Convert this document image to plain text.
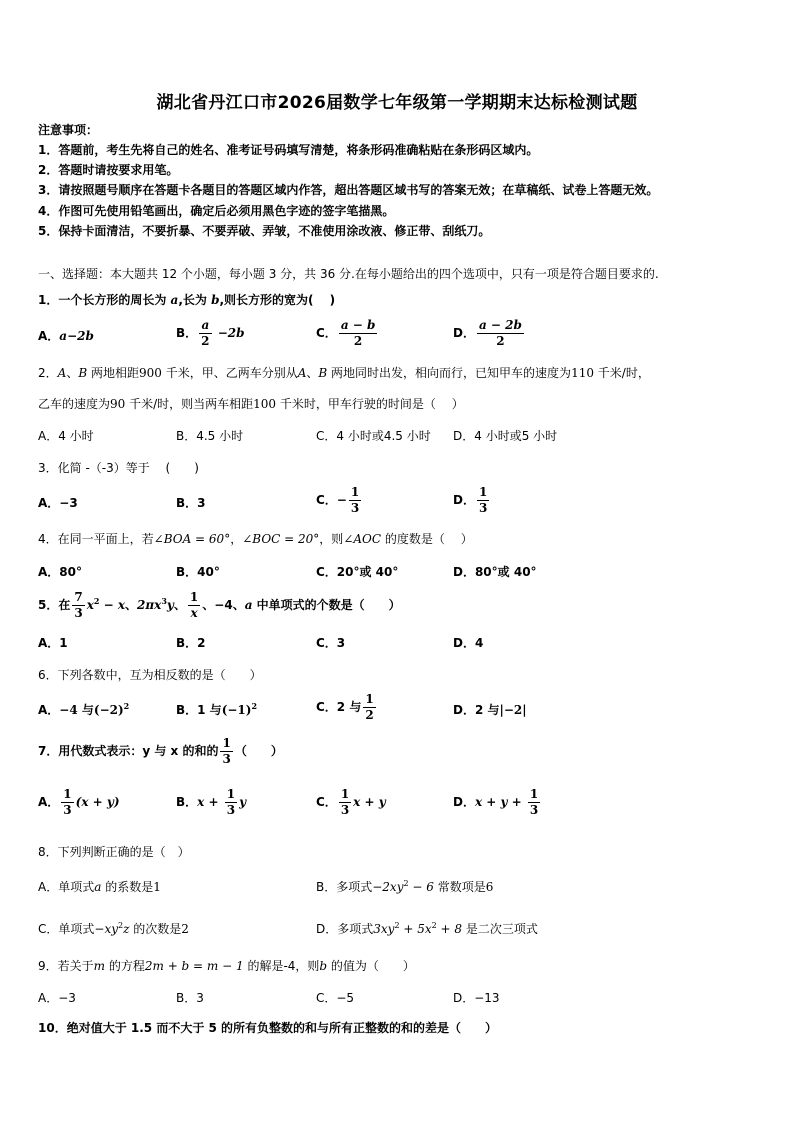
湖北省丹江口市2026届数学七年级第一学期期末达标检测试题
注意事项：
1．答题前，考生先将自己的姓名、准考证号码填写清楚，将条形码准确粘贴在条形码区域内。
2．答题时请按要求用笔。
3．请按照题号顺序在答题卡各题目的答题区域内作答，超出答题区域书写的答案无效；在草稿纸、试卷上答题无效。
4．作图可先使用铅笔画出，确定后必须用黑色字迹的签字笔描黑。
5．保持卡面清洁，不要折暴、不要弄破、弄皱，不准使用涂改液、修正带、刮纸刀。
一、选择题：本大题共 12 个小题，每小题 3 分，共 36 分.在每小题给出的四个选项中，只有一项是符合题目要求的.
1．一个长方形的周长为 a,长为 b,则长方形的宽为(　 )
A．a−2b	B． $\frac{a}{2} -2b$	C． $\frac{a - b}{2}$	D． $\frac{a - 2b}{2}$
2．A、B 两地相距900 千米，甲、乙两车分别从A、B 两地同时出发，相向而行，已知甲车的速度为110 千米/时，
乙车的速度为90 千米/时，则当两车相距100 千米时，甲车行驶的时间是（　 ）
A．4 小时	B．4.5 小时	C．4 小时或4.5 小时 D．4 小时或5 小时
3．化简 -（-3）等于　 (　　)
A．−3	B．3	C．− $\frac{1}{3}$	D． $\frac{1}{3}$
4．在同一平面上，若∠BOA = 60°，∠BOC = 20°，则∠AOC 的度数是（　 ）
A．80°	B．40°	C．20°或 40°	D．80°或 40°
5．在 $\frac{7}{3} x^2 - x$、$2\pi x^3y$、 $\frac{1}{x}$ 、−4、a 中单项式的个数是（　　）
A．1	B．2	C．3	D．4
6．下列各数中，互为相反数的是（　　）
A．−4 与$(-2)^2$	B．1 与$(-1)^2$	C．2 与 $\frac{1}{2}$	D．2 与|−2|
7．用代数式表示：y 与 x 的和的 $\frac{1}{3}$ （　　）
A． $\frac{1}{3} (x + y)$	B．$x + \frac{1}{3}$ y	C． $\frac{1}{3}$ x + y	D．$x + y + \frac{1}{3}$
8．下列判断正确的是（　）
A．单项式a 的系数是1	B．多项式$-2xy^2 - 6$ 常数项是6
C．单项式$-xy^2z$ 的次数是2	D．多项式$3xy^2 + 5x^2 + 8$ 是二次三项式
9．若关于m 的方程2m + b = m − 1 的解是-4，则b 的值为（　　）
A．−3	B．3	C．−5	D．−13
10．绝对值大于 1.5 而不大于 5 的所有负整数的和与所有正整数的和的差是（　　）
